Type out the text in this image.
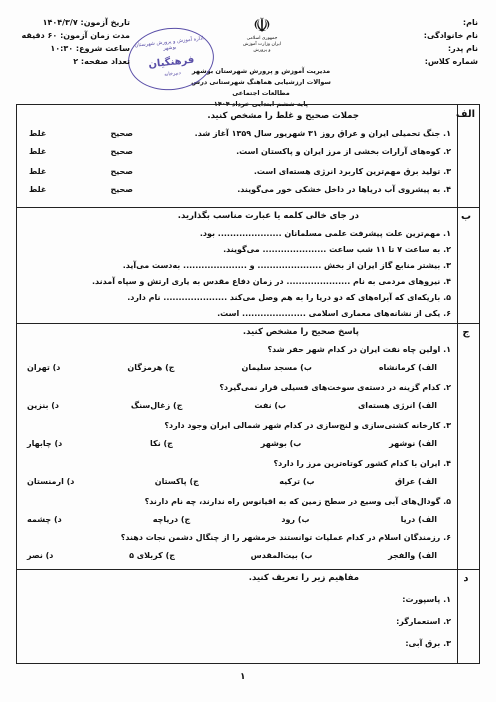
نام:
نام خانوادگی:
نام پدر:
شماره کلاس:
☫
جمهوری اسلامی ایران وزارت آموزش و پرورش
مدیریت آموزش و پرورش شهرستان بوشهر
سوالات ارزشیابی هماهنگ شهرستانی درس مطالعات اجتماعی
پایه ششم ابتدایی خرداد ۱۴۰۴
اداره آموزش و پرورش شهرستان بوشهر
فرهنگیان
دبیرخانه
تاریخ آزمون: ۱۴۰۴/۳/۷
مدت زمان آزمون: ۶۰ دقیقه
ساعت شروع: ۱۰:۳۰
تعداد صفحه: ۲
الف
جملات صحیح و غلط را مشخص کنید.
۱. جنگ تحمیلی ایران و عراق روز ۳۱ شهریور سال ۱۳۵۹ آغاز شد.
صحیح
غلط
۲. کوه‌های آرارات بخشی از مرز ایران و پاکستان است.
صحیح
غلط
۳. تولید برق مهم‌ترین کاربرد انرژی هسته‌ای است.
صحیح
غلط
۴. به پیشروی آب دریاها در داخل خشکی خور می‌گویند.
صحیح
غلط
ب
در جای خالی کلمه یا عبارت مناسب بگذارید.
۱. مهم‌ترین علت پیشرفت علمی مسلمانان ..................... بود.
۲. به ساعت ۷ تا ۱۱ شب ساعت ..................... می‌گویند.
۳. بیشتر منابع گاز ایران از بخش ..................... و ..................... به‌دست می‌آید.
۴. نیروهای مردمی به نام ..................... در زمان دفاع مقدس به یاری ارتش و سپاه آمدند.
۵. باریکه‌ای که آبراه‌های که دو دریا را به هم وصل می‌کند ..................... نام دارد.
۶. یکی از نشانه‌های معماری اسلامی ..................... است.
ج
پاسخ صحیح را مشخص کنید.
۱. اولین چاه نفت ایران در کدام شهر حفر شد؟
الف) کرمانشاه
ب) مسجد سلیمان
ج) هرمزگان
د) تهران
۲. کدام گزینه در دسته‌ی سوخت‌های فسیلی قرار نمی‌گیرد؟
الف) انرژی هسته‌ای
ب) نفت
ج) زغال‌سنگ
د) بنزین
۳. کارخانه کشتی‌سازی و لنج‌سازی در کدام شهر شمالی ایران وجود دارد؟
الف) نوشهر
ب) بوشهر
ج) نکا
د) چابهار
۴. ایران با کدام کشور کوتاه‌ترین مرز را دارد؟
الف) عراق
ب) ترکیه
ج) پاکستان
د) ارمنستان
۵. گودال‌های آبی وسیع در سطح زمین که به اقیانوس راه ندارند، چه نام دارند؟
الف) دریا
ب) رود
ج) دریاچه
د) چشمه
۶. رزمندگان اسلام در کدام عملیات توانستند خرمشهر را از چنگال دشمن نجات دهند؟
الف) والفجر
ب) بیت‌المقدس
ج) کربلای ۵
د) نصر
د
مفاهیم زیر را تعریف کنید.
۱. پاسپورت:
۲. استعمارگر:
۳. برق آبی:
۱
